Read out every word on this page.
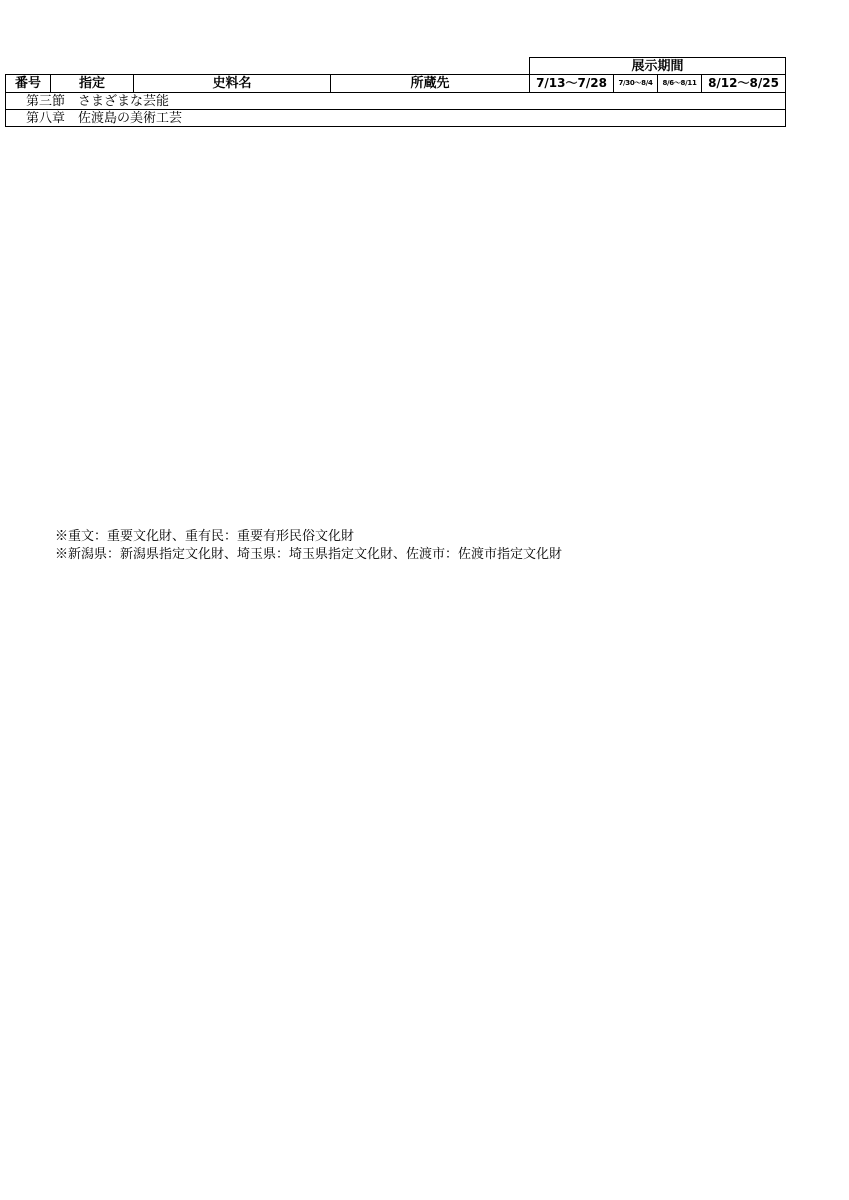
				展示期間			
番号	指定	史料名	所蔵先	7/13〜7/28	7/30〜8/4	8/6〜8/11	8/12〜8/25
第三節　さまざまな芸能							
第八章　佐渡島の美術工芸							
※重文：重要文化財、重有民：重要有形民俗文化財
※新潟県：新潟県指定文化財、埼玉県：埼玉県指定文化財、佐渡市：佐渡市指定文化財
